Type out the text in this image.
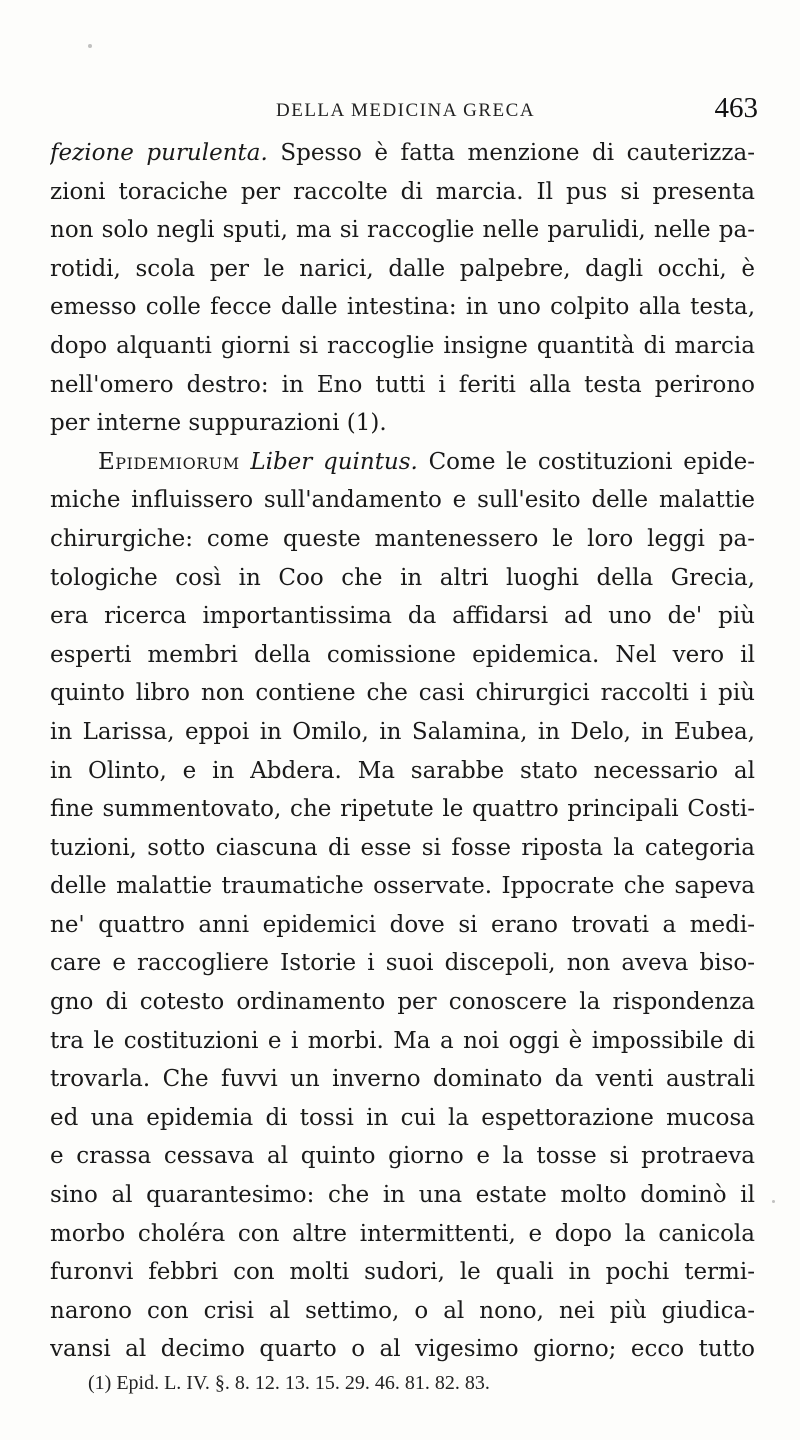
DELLA MEDICINA GRECA	463
fezione purulenta. Spesso è fatta menzione di cauterizza-
zioni toraciche per raccolte di marcia. Il pus si presenta
non solo negli sputi, ma si raccoglie nelle parulidi, nelle pa-
rotidi, scola per le narici, dalle palpebre, dagli occhi, è
emesso colle fecce dalle intestina: in uno colpito alla testa,
dopo alquanti giorni si raccoglie insigne quantità di marcia
nell'omero destro: in Eno tutti i feriti alla testa perirono
per interne suppurazioni (1).
Epidemiorum Liber quintus. Come le costituzioni epide-
miche influissero sull'andamento e sull'esito delle malattie
chirurgiche: come queste mantenessero le loro leggi pa-
tologiche così in Coo che in altri luoghi della Grecia,
era ricerca importantissima da affidarsi ad uno de' più
esperti membri della comissione epidemica. Nel vero il
quinto libro non contiene che casi chirurgici raccolti i più
in Larissa, eppoi in Omilo, in Salamina, in Delo, in Eubea,
in Olinto, e in Abdera. Ma sarabbe stato necessario al
fine summentovato, che ripetute le quattro principali Costi-
tuzioni, sotto ciascuna di esse si fosse riposta la categoria
delle malattie traumatiche osservate. Ippocrate che sapeva
ne' quattro anni epidemici dove si erano trovati a medi-
care e raccogliere Istorie i suoi discepoli, non aveva biso-
gno di cotesto ordinamento per conoscere la rispondenza
tra le costituzioni e i morbi. Ma a noi oggi è impossibile di
trovarla. Che fuvvi un inverno dominato da venti australi
ed una epidemia di tossi in cui la espettorazione mucosa
e crassa cessava al quinto giorno e la tosse si protraeva
sino al quarantesimo: che in una estate molto dominò il
morbo choléra con altre intermittenti, e dopo la canicola
furonvi febbri con molti sudori, le quali in pochi termi-
narono con crisi al settimo, o al nono, nei più giudica-
vansi al decimo quarto o al vigesimo giorno; ecco tutto
(1) Epid. L. IV. §. 8. 12. 13. 15. 29. 46. 81. 82. 83.
